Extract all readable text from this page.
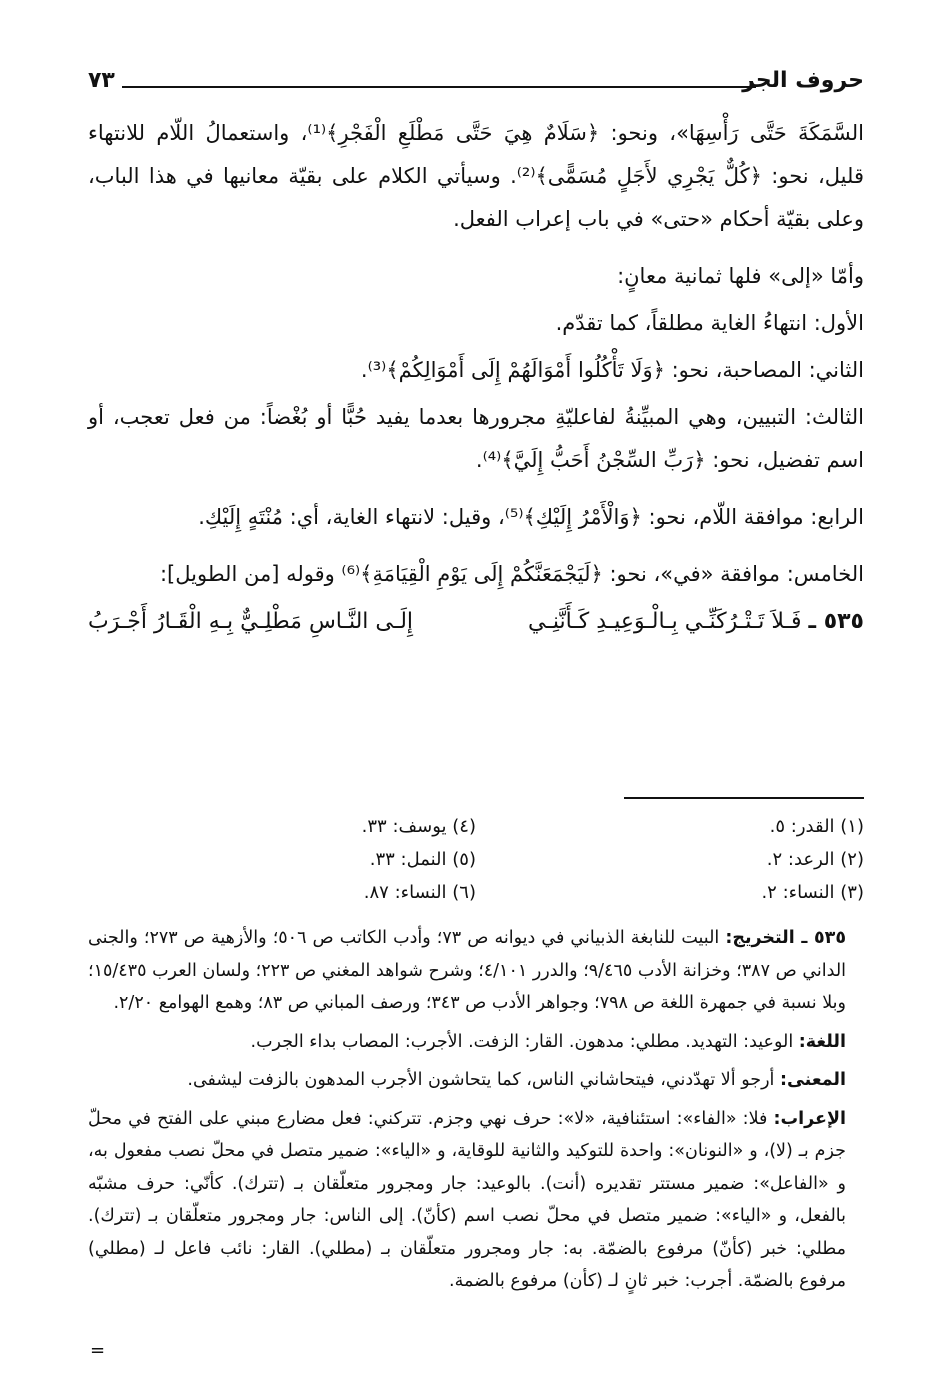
حروف الجر
٧٣

السَّمَكَةَ حَتَّى رَأْسِهَا»، ونحو: ﴿سَلَامٌ هِيَ حَتَّى مَطْلَعِ الْفَجْرِ﴾⁽¹⁾، واستعمالُ اللّام للانتهاء قليل، نحو: ﴿كُلٌّ يَجْرِي لأَجَلٍ مُسَمًّى﴾⁽²⁾. وسيأتي الكلام على بقيّة معانيها في هذا الباب، وعلى بقيّة أحكام «حتى» في باب إعراب الفعل.

وأمّا «إلى» فلها ثمانية معانٍ:

الأول: انتهاءُ الغاية مطلقاً، كما تقدّم.

الثاني: المصاحبة، نحو: ﴿وَلَا تَأْكُلُوا أَمْوَالَهُمْ إِلَى أَمْوَالِكُمْ﴾⁽³⁾.

الثالث: التبيين، وهي المبيِّنةُ لفاعليّةِ مجرورها بعدما يفيد حُبًّا أو بُغْضاً: من فعل تعجب، أو اسم تفضيل، نحو: ﴿رَبِّ السِّجْنُ أَحَبُّ إِلَيَّ﴾⁽⁴⁾.

الرابع: موافقة اللّام، نحو: ﴿وَالْأَمْرُ إِلَيْكِ﴾⁽⁵⁾، وقيل: لانتهاء الغاية، أي: مُنْتَهٍ إِلَيْكِ.

الخامس: موافقة «في»، نحو: ﴿لَيَجْمَعَنَّكُمْ إِلَى يَوْمِ الْقِيَامَةِ﴾⁽⁶⁾ وقوله [من الطويل]:

٥٣٥ ـ فَـلاَ تَـتْـرُكَنِّـي بِـالْـوَعِيـدِ كَـأَنَّنِـي
إِلَـى النَّـاسِ مَطْلِـيٌّ بِـهِ الْقَـارُ أَجْـرَبُ
(١) القدر: ٥.
(٢) الرعد: ٢.
(٣) النساء: ٢.
(٤) يوسف: ٣٣.
(٥) النمل: ٣٣.
(٦) النساء: ٨٧.

٥٣٥ ـ التخريج: البيت للنابغة الذبياني في ديوانه ص ٧٣؛ وأدب الكاتب ص ٥٠٦؛ والأزهية ص ٢٧٣؛ والجنى الداني ص ٣٨٧؛ وخزانة الأدب ٩/٤٦٥؛ والدرر ٤/١٠١؛ وشرح شواهد المغني ص ٢٢٣؛ ولسان العرب ١٥/٤٣٥؛ وبلا نسبة في جمهرة اللغة ص ٧٩٨؛ وجواهر الأدب ص ٣٤٣؛ ورصف المباني ص ٨٣؛ وهمع الهوامع ٢/٢٠.

اللغة: الوعيد: التهديد. مطلي: مدهون. القار: الزفت. الأجرب: المصاب بداء الجرب.

المعنى: أرجو ألا تهدّدني، فيتحاشاني الناس، كما يتحاشون الأجرب المدهون بالزفت ليشفى.

الإعراب: فلا: «الفاء»: استئنافية، «لا»: حرف نهي وجزم. تتركني: فعل مضارع مبني على الفتح في محلّ جزم بـ (لا)، و «النونان»: واحدة للتوكيد والثانية للوقاية، و «الياء»: ضمير متصل في محلّ نصب مفعول به، و «الفاعل»: ضمير مستتر تقديره (أنت). بالوعيد: جار ومجرور متعلّقان بـ (تترك). كأنّي: حرف مشبّه بالفعل، و «الياء»: ضمير متصل في محلّ نصب اسم (كأنّ). إلى الناس: جار ومجرور متعلّقان بـ (تترك). مطلي: خبر (كأنّ) مرفوع بالضمّة. به: جار ومجرور متعلّقان بـ (مطلي). القار: نائب فاعل لـ (مطلي) مرفوع بالضمّة. أجرب: خبر ثانٍ لـ (كأن) مرفوع بالضمة.

=
